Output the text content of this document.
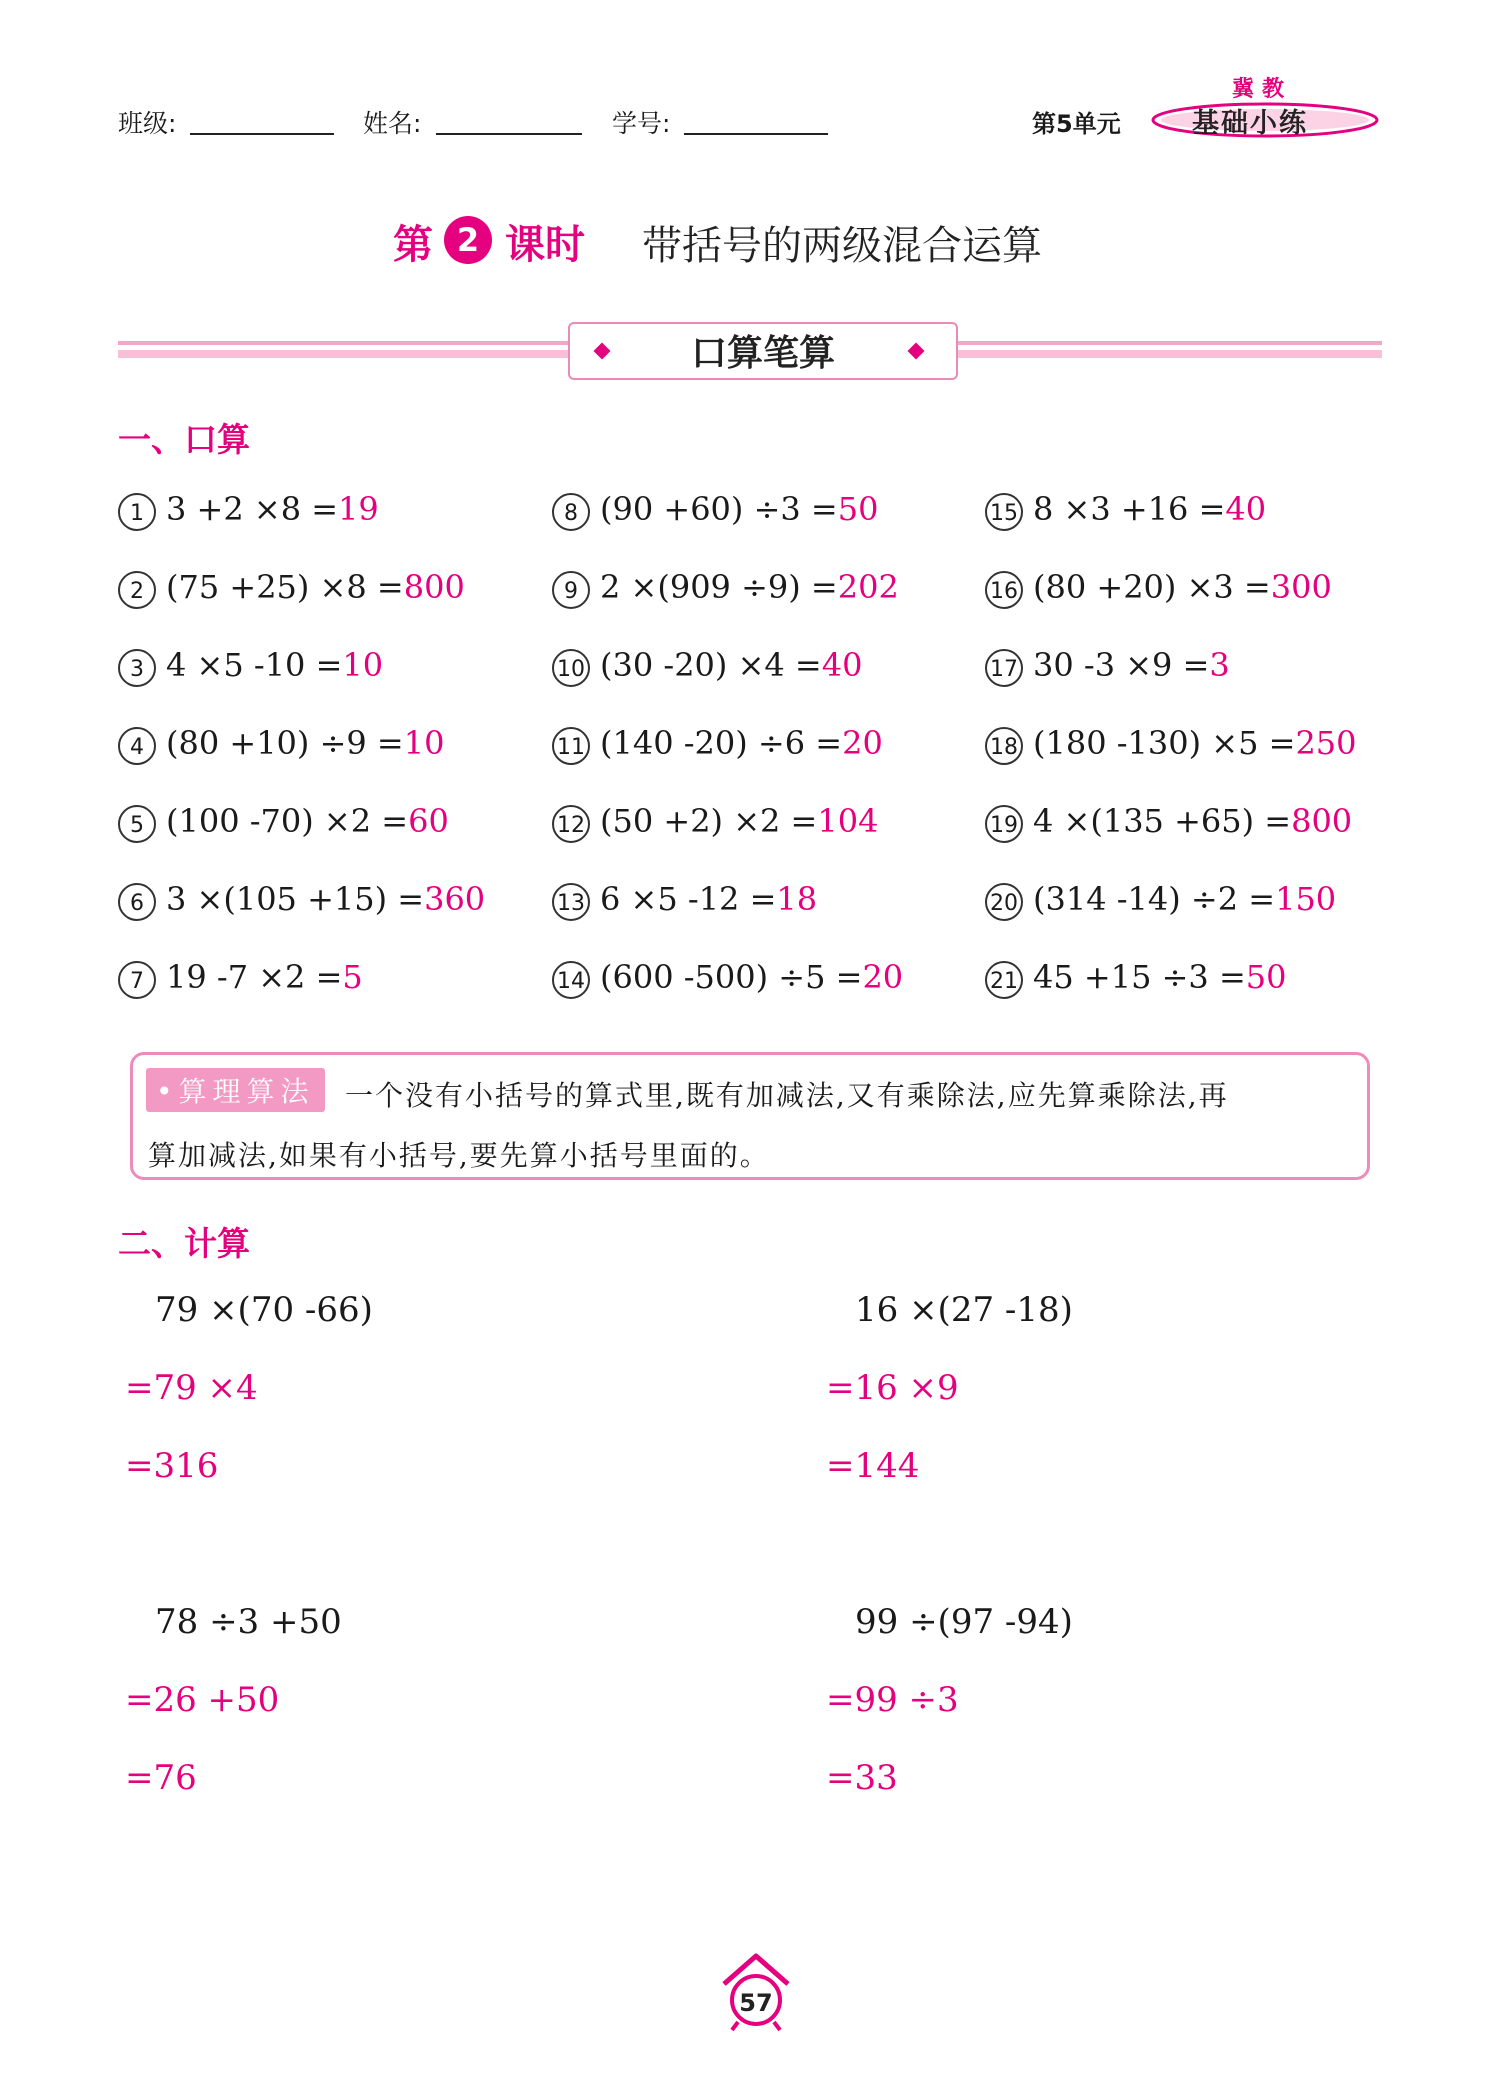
班级:	姓名:	学号:	第5单元
冀教
基础小练
第 2 课时 带括号的两级混合运算
口算笔算
一、口算
1 3 +2 ×8 =19
2 (75 +25) ×8 =800
3 4 ×5 -10 =10
4 (80 +10) ÷9 =10
5 (100 -70) ×2 =60
6 3 ×(105 +15) =360
7 19 -7 ×2 =5
8 (90 +60) ÷3 =50
9 2 ×(909 ÷9) =202
10 (30 -20) ×4 =40
11 (140 -20) ÷6 =20
12 (50 +2) ×2 =104
13 6 ×5 -12 =18
14 (600 -500) ÷5 =20
15 8 ×3 +16 =40
16 (80 +20) ×3 =300
17 30 -3 ×9 =3
18 (180 -130) ×5 =250
19 4 ×(135 +65) =800
20 (314 -14) ÷2 =150
21 45 +15 ÷3 =50
•算理算法	一个没有小括号的算式里,既有加减法,又有乘除法,应先算乘除法,再
算加减法,如果有小括号,要先算小括号里面的。
二、计算
79 ×(70 -66)
=79 ×4
=316
16 ×(27 -18)
=16 ×9
=144
78 ÷3 +50
=26 +50
=76
99 ÷(97 -94)
=99 ÷3
=33
57
